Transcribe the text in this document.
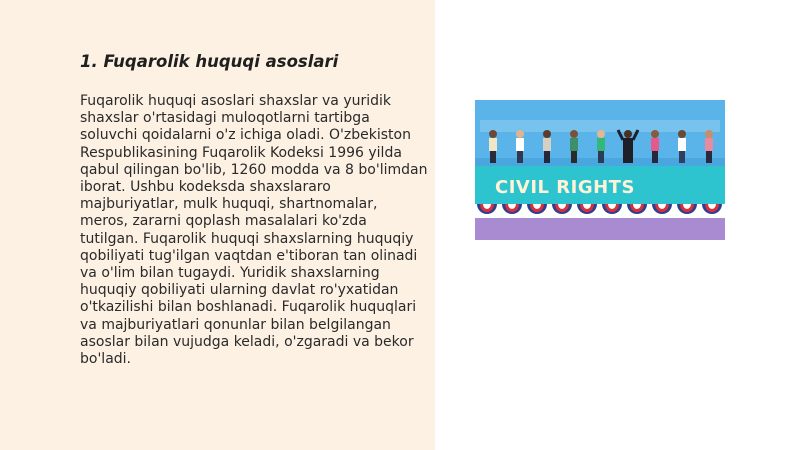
1. Fuqarolik huquqi asoslari

Fuqarolik huquqi asoslari shaxslar va yuridik shaxslar o'rtasidagi muloqotlarni tartibga soluvchi qoidalarni o'z ichiga oladi. O'zbekiston Respublikasining Fuqarolik Kodeksi 1996 yilda qabul qilingan bo'lib, 1260 modda va 8 bo'limdan iborat. Ushbu kodeksda shaxslararo majburiyatlar, mulk huquqi, shartnomalar, meros, zararni qoplash masalalari ko'zda tutilgan. Fuqarolik huquqi shaxslarning huquqiy qobiliyati tug'ilgan vaqtdan e'tiboran tan olinadi va o'lim bilan tugaydi. Yuridik shaxslarning huquqiy qobiliyati ularning davlat ro'yxatidan o'tkazilishi bilan boshlanadi. Fuqarolik huquqlari va majburiyatlari qonunlar bilan belgilangan asoslar bilan vujudga keladi, o'zgaradi va bekor bo'ladi.

CIVIL RIGHTS
